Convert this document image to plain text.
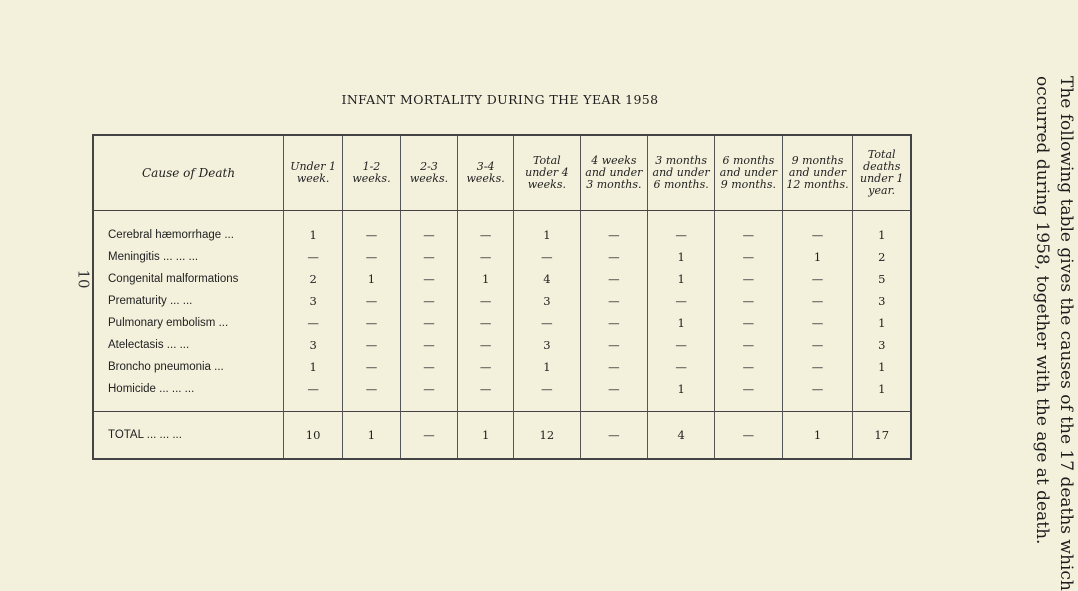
The following table gives the causes of the 17 deaths which
occurred during 1958, together with the age at death.
10
INFANT MORTALITY DURING THE YEAR 1958
Cause of Death	Under 1 week.	1-2 weeks.	2-3 weeks.	3-4 weeks.	Total under 4 weeks.	4 weeks and under 3 months.	3 months and under 6 months.	6 months and under 9 months.	9 months and under 12 months.	Total deaths under 1 year.
Cerebral hæmorrhage ...	1	—	—	—	1	—	—	—	—	1
Meningitis ... ... ...	—	—	—	—	—	—	1	—	1	2
Congenital malformations	2	1	—	1	4	—	1	—	—	5
Prematurity ... ...	3	—	—	—	3	—	—	—	—	3
Pulmonary embolism ...	—	—	—	—	—	—	1	—	—	1
Atelectasis ... ...	3	—	—	—	3	—	—	—	—	3
Broncho pneumonia ...	1	—	—	—	1	—	—	—	—	1
Homicide ... ... ...	—	—	—	—	—	—	1	—	—	1
TOTAL ... ... ...	10	1	—	1	12	—	4	—	1	17
